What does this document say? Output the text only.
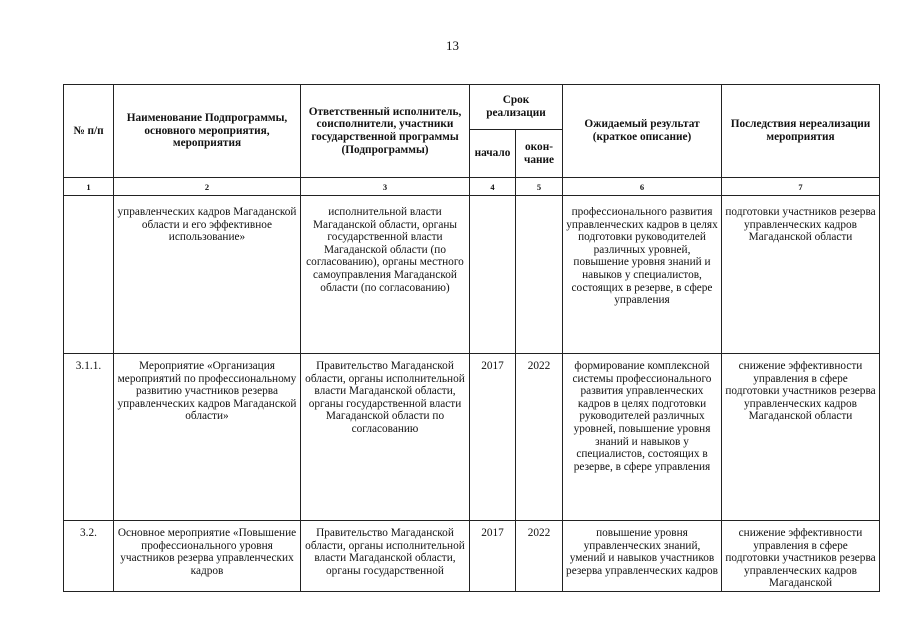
13
№ п/п	Наименование Подпрограммы, основного мероприятия, мероприятия	Ответственный исполнитель, соисполнители, участники государственной программы (Подпрограммы)	Срок реализации		Ожидаемый результат (краткое описание)	Последствия нереализации мероприятия
			начало	окон-чание		
1	2	3	4	5	6	7
	управленческих кадров Магаданской области и его эффективное использование»	исполнительной власти Магаданской области, органы государственной власти Магаданской области (по согласованию), органы местного самоуправления Магаданской области (по согласованию)			профессионального развития управленческих кадров в целях подготовки руководителей различных уровней, повышение уровня знаний и навыков у специалистов, состоящих в резерве, в сфере управления	подготовки участников резерва управленческих кадров Магаданской области
3.1.1.	Мероприятие «Организация мероприятий по профессиональному развитию участников резерва управленческих кадров Магаданской области»	Правительство Магаданской области, органы исполнительной власти Магаданской области, органы государственной власти Магаданской области по согласованию	2017	2022	формирование комплексной системы профессионального развития управленческих кадров в целях подготовки руководителей различных уровней, повышение уровня знаний и навыков у специалистов, состоящих в резерве, в сфере управления	снижение эффективности управления в сфере подготовки участников резерва управленческих кадров Магаданской области
3.2.	Основное мероприятие «Повышение профессионального уровня участников резерва управленческих кадров	Правительство Магаданской области, органы исполнительной власти Магаданской области, органы государственной	2017	2022	повышение уровня управленческих знаний, умений и навыков участников резерва управленческих кадров	снижение эффективности управления в сфере подготовки участников резерва управленческих кадров Магаданской
